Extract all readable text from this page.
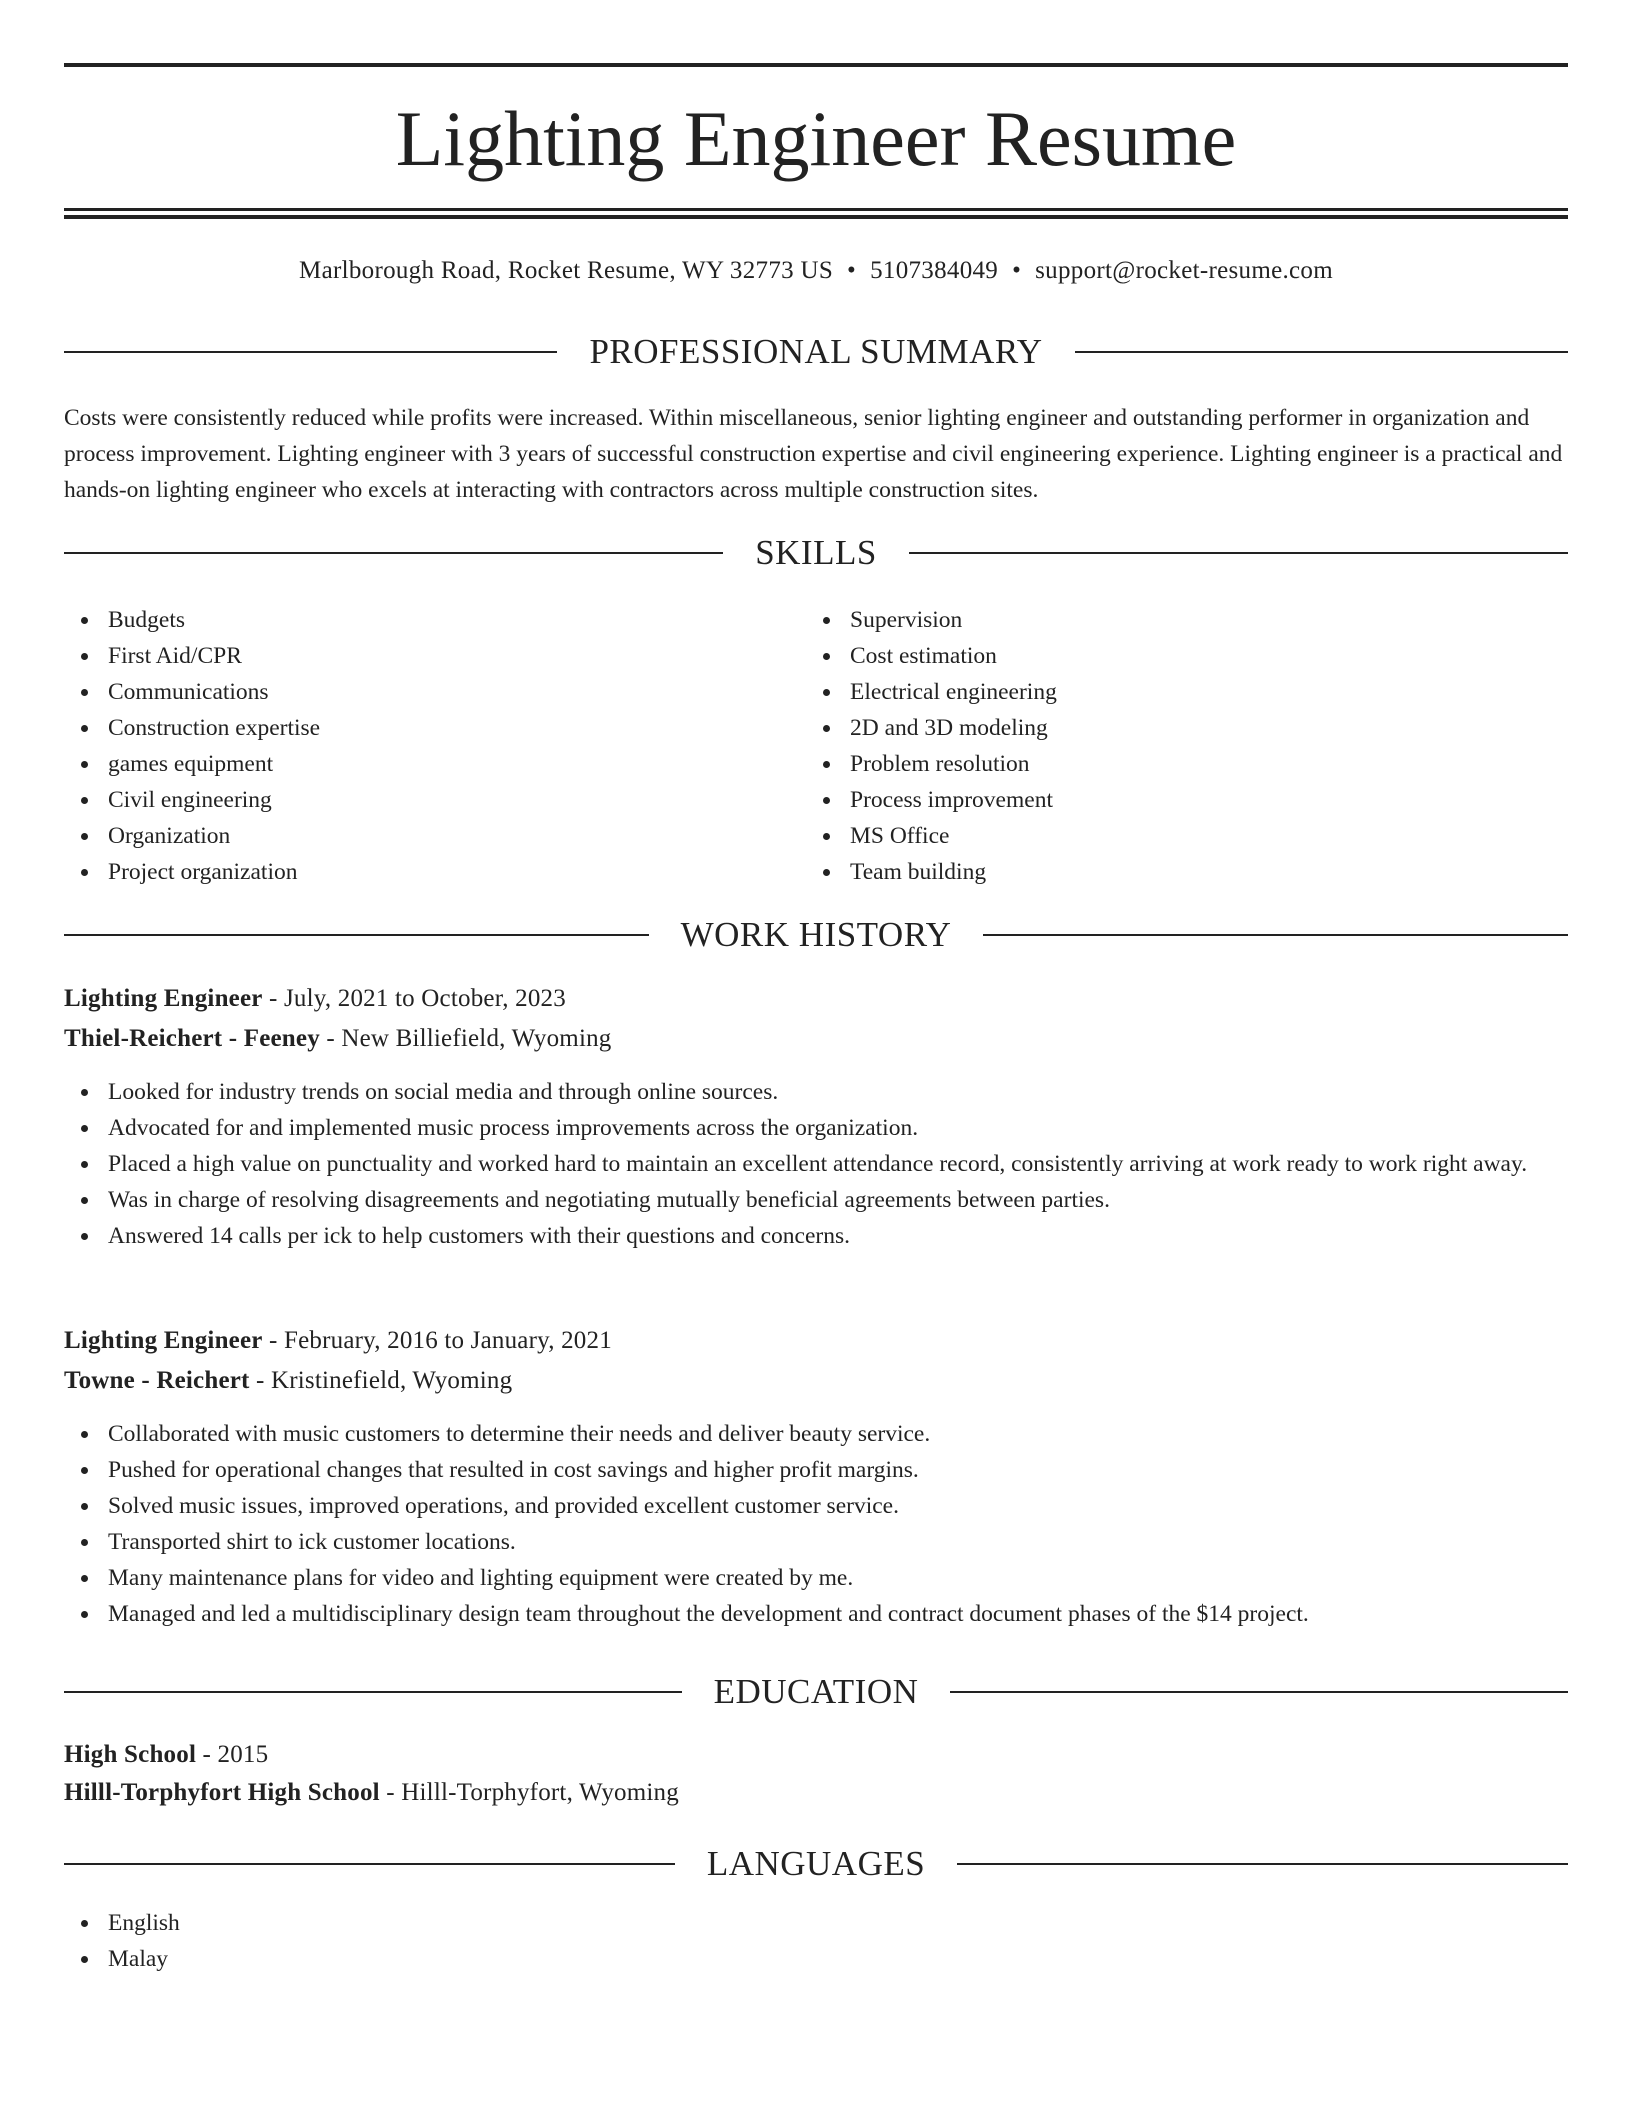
Lighting Engineer Resume
Marlborough Road, Rocket Resume, WY 32773 US • 5107384049 • support@rocket-resume.com
PROFESSIONAL SUMMARY

Costs were consistently reduced while profits were increased. Within miscellaneous, senior lighting engineer and outstanding performer in organization and process improvement. Lighting engineer with 3 years of successful construction expertise and civil engineering experience. Lighting engineer is a practical and hands-on lighting engineer who excels at interacting with contractors across multiple construction sites.

SKILLS
Budgets
First Aid/CPR
Communications
Construction expertise
games equipment
Civil engineering
Organization
Project organization
Supervision
Cost estimation
Electrical engineering
2D and 3D modeling
Problem resolution
Process improvement
MS Office
Team building
WORK HISTORY
Lighting Engineer - July, 2021 to October, 2023
Thiel-Reichert - Feeney - New Billiefield, Wyoming
Looked for industry trends on social media and through online sources.
Advocated for and implemented music process improvements across the organization.
Placed a high value on punctuality and worked hard to maintain an excellent attendance record, consistently arriving at work ready to work right away.
Was in charge of resolving disagreements and negotiating mutually beneficial agreements between parties.
Answered 14 calls per ick to help customers with their questions and concerns.
Lighting Engineer - February, 2016 to January, 2021
Towne - Reichert - Kristinefield, Wyoming
Collaborated with music customers to determine their needs and deliver beauty service.
Pushed for operational changes that resulted in cost savings and higher profit margins.
Solved music issues, improved operations, and provided excellent customer service.
Transported shirt to ick customer locations.
Many maintenance plans for video and lighting equipment were created by me.
Managed and led a multidisciplinary design team throughout the development and contract document phases of the $14 project.
EDUCATION
High School - 2015
Hilll-Torphyfort High School - Hilll-Torphyfort, Wyoming
LANGUAGES
English
Malay
